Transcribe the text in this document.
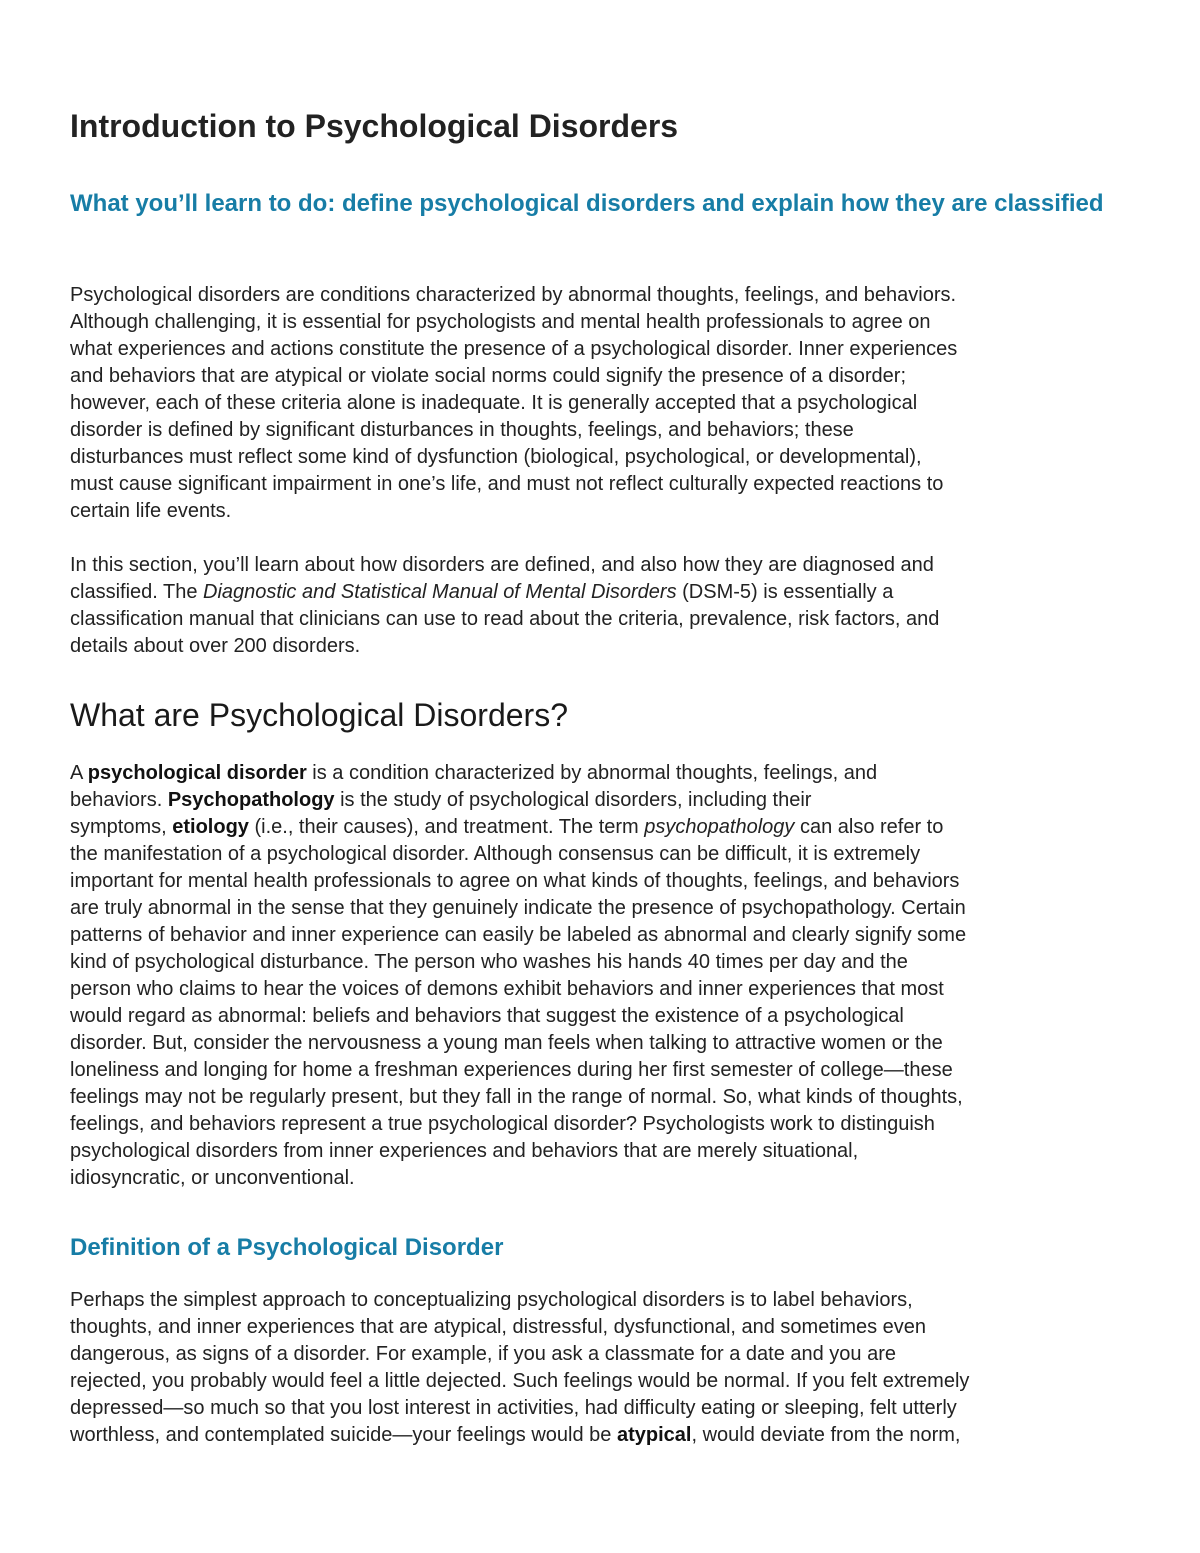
Introduction to Psychological Disorders
What you’ll learn to do: define psychological disorders and explain how they are classified

Psychological disorders are conditions characterized by abnormal thoughts, feelings, and behaviors.
Although challenging, it is essential for psychologists and mental health professionals to agree on
what experiences and actions constitute the presence of a psychological disorder. Inner experiences
and behaviors that are atypical or violate social norms could signify the presence of a disorder;
however, each of these criteria alone is inadequate. It is generally accepted that a psychological
disorder is defined by significant disturbances in thoughts, feelings, and behaviors; these
disturbances must reflect some kind of dysfunction (biological, psychological, or developmental),
must cause significant impairment in one’s life, and must not reflect culturally expected reactions to
certain life events.

In this section, you’ll learn about how disorders are defined, and also how they are diagnosed and
classified. The Diagnostic and Statistical Manual of Mental Disorders (DSM-5) is essentially a
classification manual that clinicians can use to read about the criteria, prevalence, risk factors, and
details about over 200 disorders.

What are Psychological Disorders?

A psychological disorder is a condition characterized by abnormal thoughts, feelings, and
behaviors. Psychopathology is the study of psychological disorders, including their
symptoms, etiology (i.e., their causes), and treatment. The term psychopathology can also refer to
the manifestation of a psychological disorder. Although consensus can be difficult, it is extremely
important for mental health professionals to agree on what kinds of thoughts, feelings, and behaviors
are truly abnormal in the sense that they genuinely indicate the presence of psychopathology. Certain
patterns of behavior and inner experience can easily be labeled as abnormal and clearly signify some
kind of psychological disturbance. The person who washes his hands 40 times per day and the
person who claims to hear the voices of demons exhibit behaviors and inner experiences that most
would regard as abnormal: beliefs and behaviors that suggest the existence of a psychological
disorder. But, consider the nervousness a young man feels when talking to attractive women or the
loneliness and longing for home a freshman experiences during her first semester of college—these
feelings may not be regularly present, but they fall in the range of normal. So, what kinds of thoughts,
feelings, and behaviors represent a true psychological disorder? Psychologists work to distinguish
psychological disorders from inner experiences and behaviors that are merely situational,
idiosyncratic, or unconventional.

Definition of a Psychological Disorder

Perhaps the simplest approach to conceptualizing psychological disorders is to label behaviors,
thoughts, and inner experiences that are atypical, distressful, dysfunctional, and sometimes even
dangerous, as signs of a disorder. For example, if you ask a classmate for a date and you are
rejected, you probably would feel a little dejected. Such feelings would be normal. If you felt extremely
depressed—so much so that you lost interest in activities, had difficulty eating or sleeping, felt utterly
worthless, and contemplated suicide—your feelings would be atypical, would deviate from the norm,
